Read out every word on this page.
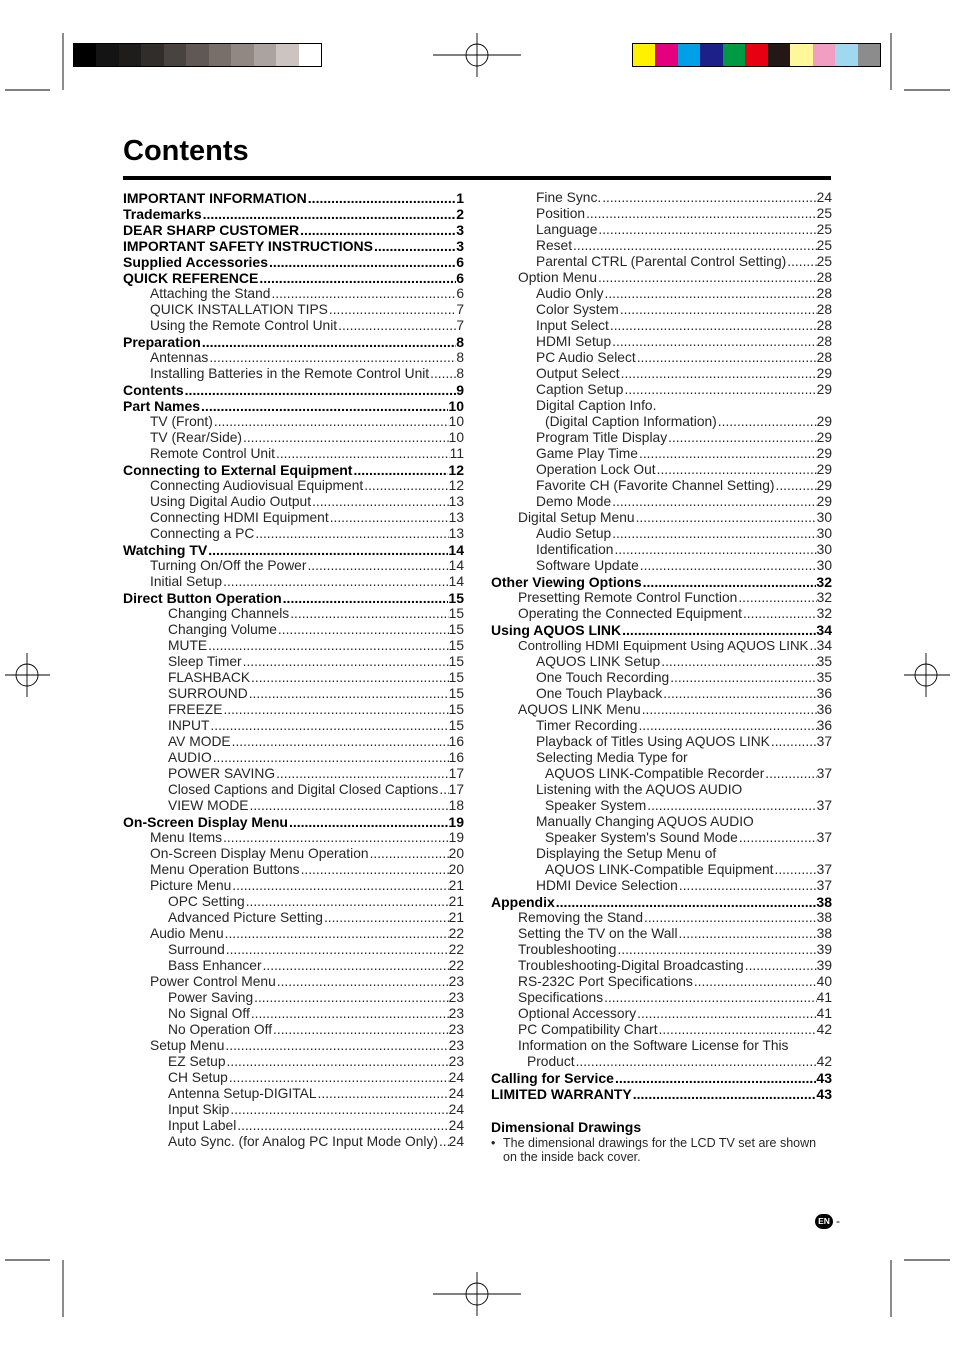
Contents
IMPORTANT INFORMATION .....	1
Trademarks .....	2
DEAR SHARP CUSTOMER .....	3
IMPORTANT SAFETY INSTRUCTIONS .....	3
Supplied Accessories .....	6
QUICK REFERENCE .....	6
Attaching the Stand .....	6
QUICK INSTALLATION TIPS .....	7
Using the Remote Control Unit .....	7
Preparation .....	8
Antennas .....	8
Installing Batteries in the Remote Control Unit ..... 8
Contents .....	9
Part Names .....	10
TV (Front) .....	10
TV (Rear/Side) .....	10
Remote Control Unit .....	11
Connecting to External Equipment .....	12
Connecting Audiovisual Equipment .....	12
Using Digital Audio Output .....	13
Connecting HDMI Equipment .....	13
Connecting a PC .....	13
Watching TV .....	14
Turning On/Off the Power .....	14
Initial Setup .....	14
Direct Button Operation .....	15
Changing Channels .....	15
Changing Volume .....	15
MUTE .....	15
Sleep Timer .....	15
FLASHBACK .....	15
SURROUND .....	15
FREEZE .....	15
INPUT .....	15
AV MODE .....	16
AUDIO .....	16
POWER SAVING .....	17
Closed Captions and Digital Closed Captions ..... 17
VIEW MODE .....	18
On-Screen Display Menu .....	19
Menu Items .....	19
On-Screen Display Menu Operation .....	20
Menu Operation Buttons .....	20
Picture Menu .....	21
OPC Setting .....	21
Advanced Picture Setting .....	21
Audio Menu .....	22
Surround .....	22
Bass Enhancer .....	22
Power Control Menu .....	23
Power Saving .....	23
No Signal Off .....	23
No Operation Off .....	23
Setup Menu .....	23
EZ Setup .....	23
CH Setup .....	24
Antenna Setup-DIGITAL .....	24
Input Skip .....	24
Input Label .....	24
Auto Sync. (for Analog PC Input Mode Only) ..... 24
Fine Sync. .....	24
Position .....	25
Language .....	25
Reset .....	25
Parental CTRL (Parental Control Setting) ..... 25
Option Menu .....	28
Audio Only .....	28
Color System .....	28
Input Select .....	28
HDMI Setup .....	28
PC Audio Select .....	28
Output Select .....	29
Caption Setup .....	29
Digital Caption Info.
(Digital Caption Information) .....	29
Program Title Display .....	29
Game Play Time .....	29
Operation Lock Out .....	29
Favorite CH (Favorite Channel Setting) .....	29
Demo Mode .....	29
Digital Setup Menu .....	30
Audio Setup .....	30
Identification .....	30
Software Update .....	30
Other Viewing Options .....	32
Presetting Remote Control Function .....	32
Operating the Connected Equipment .....	32
Using AQUOS LINK .....	34
Controlling HDMI Equipment Using AQUOS LINK ..... 34
AQUOS LINK Setup .....	35
One Touch Recording .....	35
One Touch Playback .....	36
AQUOS LINK Menu .....	36
Timer Recording .....	36
Playback of Titles Using AQUOS LINK .....	37
Selecting Media Type for
AQUOS LINK-Compatible Recorder .....	37
Listening with the AQUOS AUDIO
Speaker System .....	37
Manually Changing AQUOS AUDIO
Speaker System's Sound Mode .....	37
Displaying the Setup Menu of
AQUOS LINK-Compatible Equipment .....	37
HDMI Device Selection .....	37
Appendix .....	38
Removing the Stand .....	38
Setting the TV on the Wall .....	38
Troubleshooting .....	39
Troubleshooting-Digital Broadcasting .....	39
RS-232C Port Specifications .....	40
Specifications .....	41
Optional Accessory .....	41
PC Compatibility Chart .....	42
Information on the Software License for This
Product .....	42
Calling for Service .....	43
LIMITED WARRANTY .....	43
Dimensional Drawings
• The dimensional drawings for the LCD TV set are shown
on the inside back cover.
EN -
